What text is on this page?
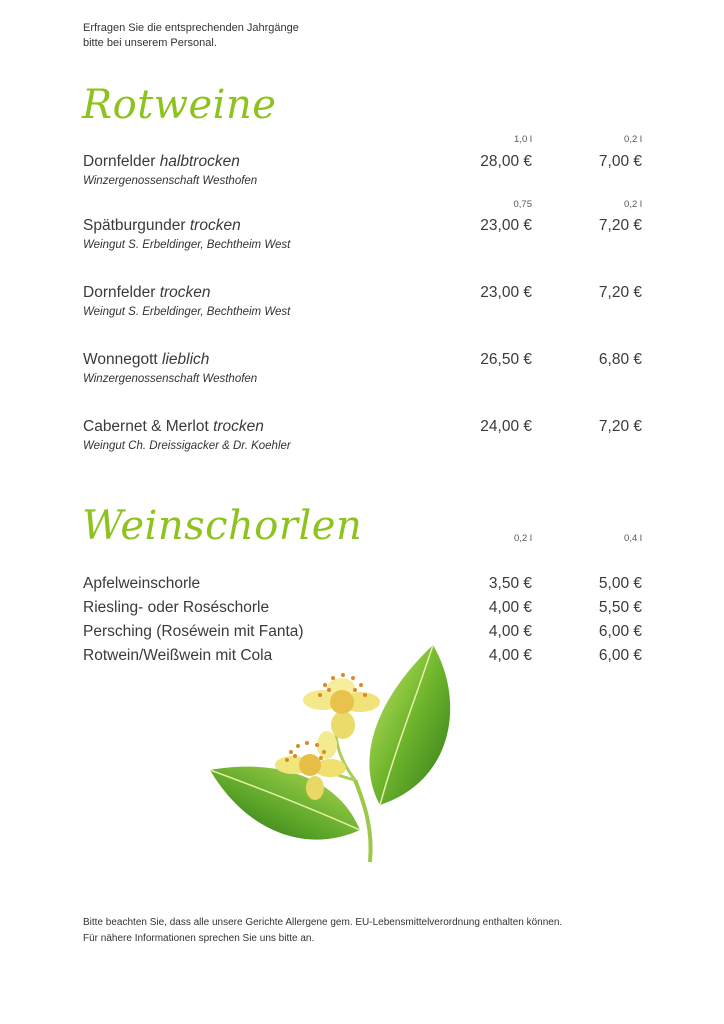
Erfragen Sie die entsprechenden Jahrgänge
bitte bei unserem Personal.
Rotweine
1,0 l	0,2 l
Dornfelder halbtrocken
Winzergenossenschaft Westhofen
28,00 €	7,00 €
0,75	0,2 l
Spätburgunder trocken
Weingut S. Erbeldinger, Bechtheim West
23,00 €	7,20 €
Dornfelder trocken
Weingut S. Erbeldinger, Bechtheim West
23,00 €	7,20 €
Wonnegott lieblich
Winzergenossenschaft Westhofen
26,50 €	6,80 €
Cabernet & Merlot trocken
Weingut Ch. Dreissigacker & Dr. Koehler
24,00 €	7,20 €
Weinschorlen	0,2 l	0,4 l
Apfelweinschorle	3,50 €	5,00 €
Riesling- oder Roséschorle	4,00 €	5,50 €
Persching (Roséwein mit Fanta)	4,00 €	6,00 €
Rotwein/Weißwein mit Cola	4,00 €	6,00 €
Bitte beachten Sie, dass alle unsere Gerichte Allergene gem. EU-Lebensmittelverordnung enthalten können.
Für nähere Informationen sprechen Sie uns bitte an.
